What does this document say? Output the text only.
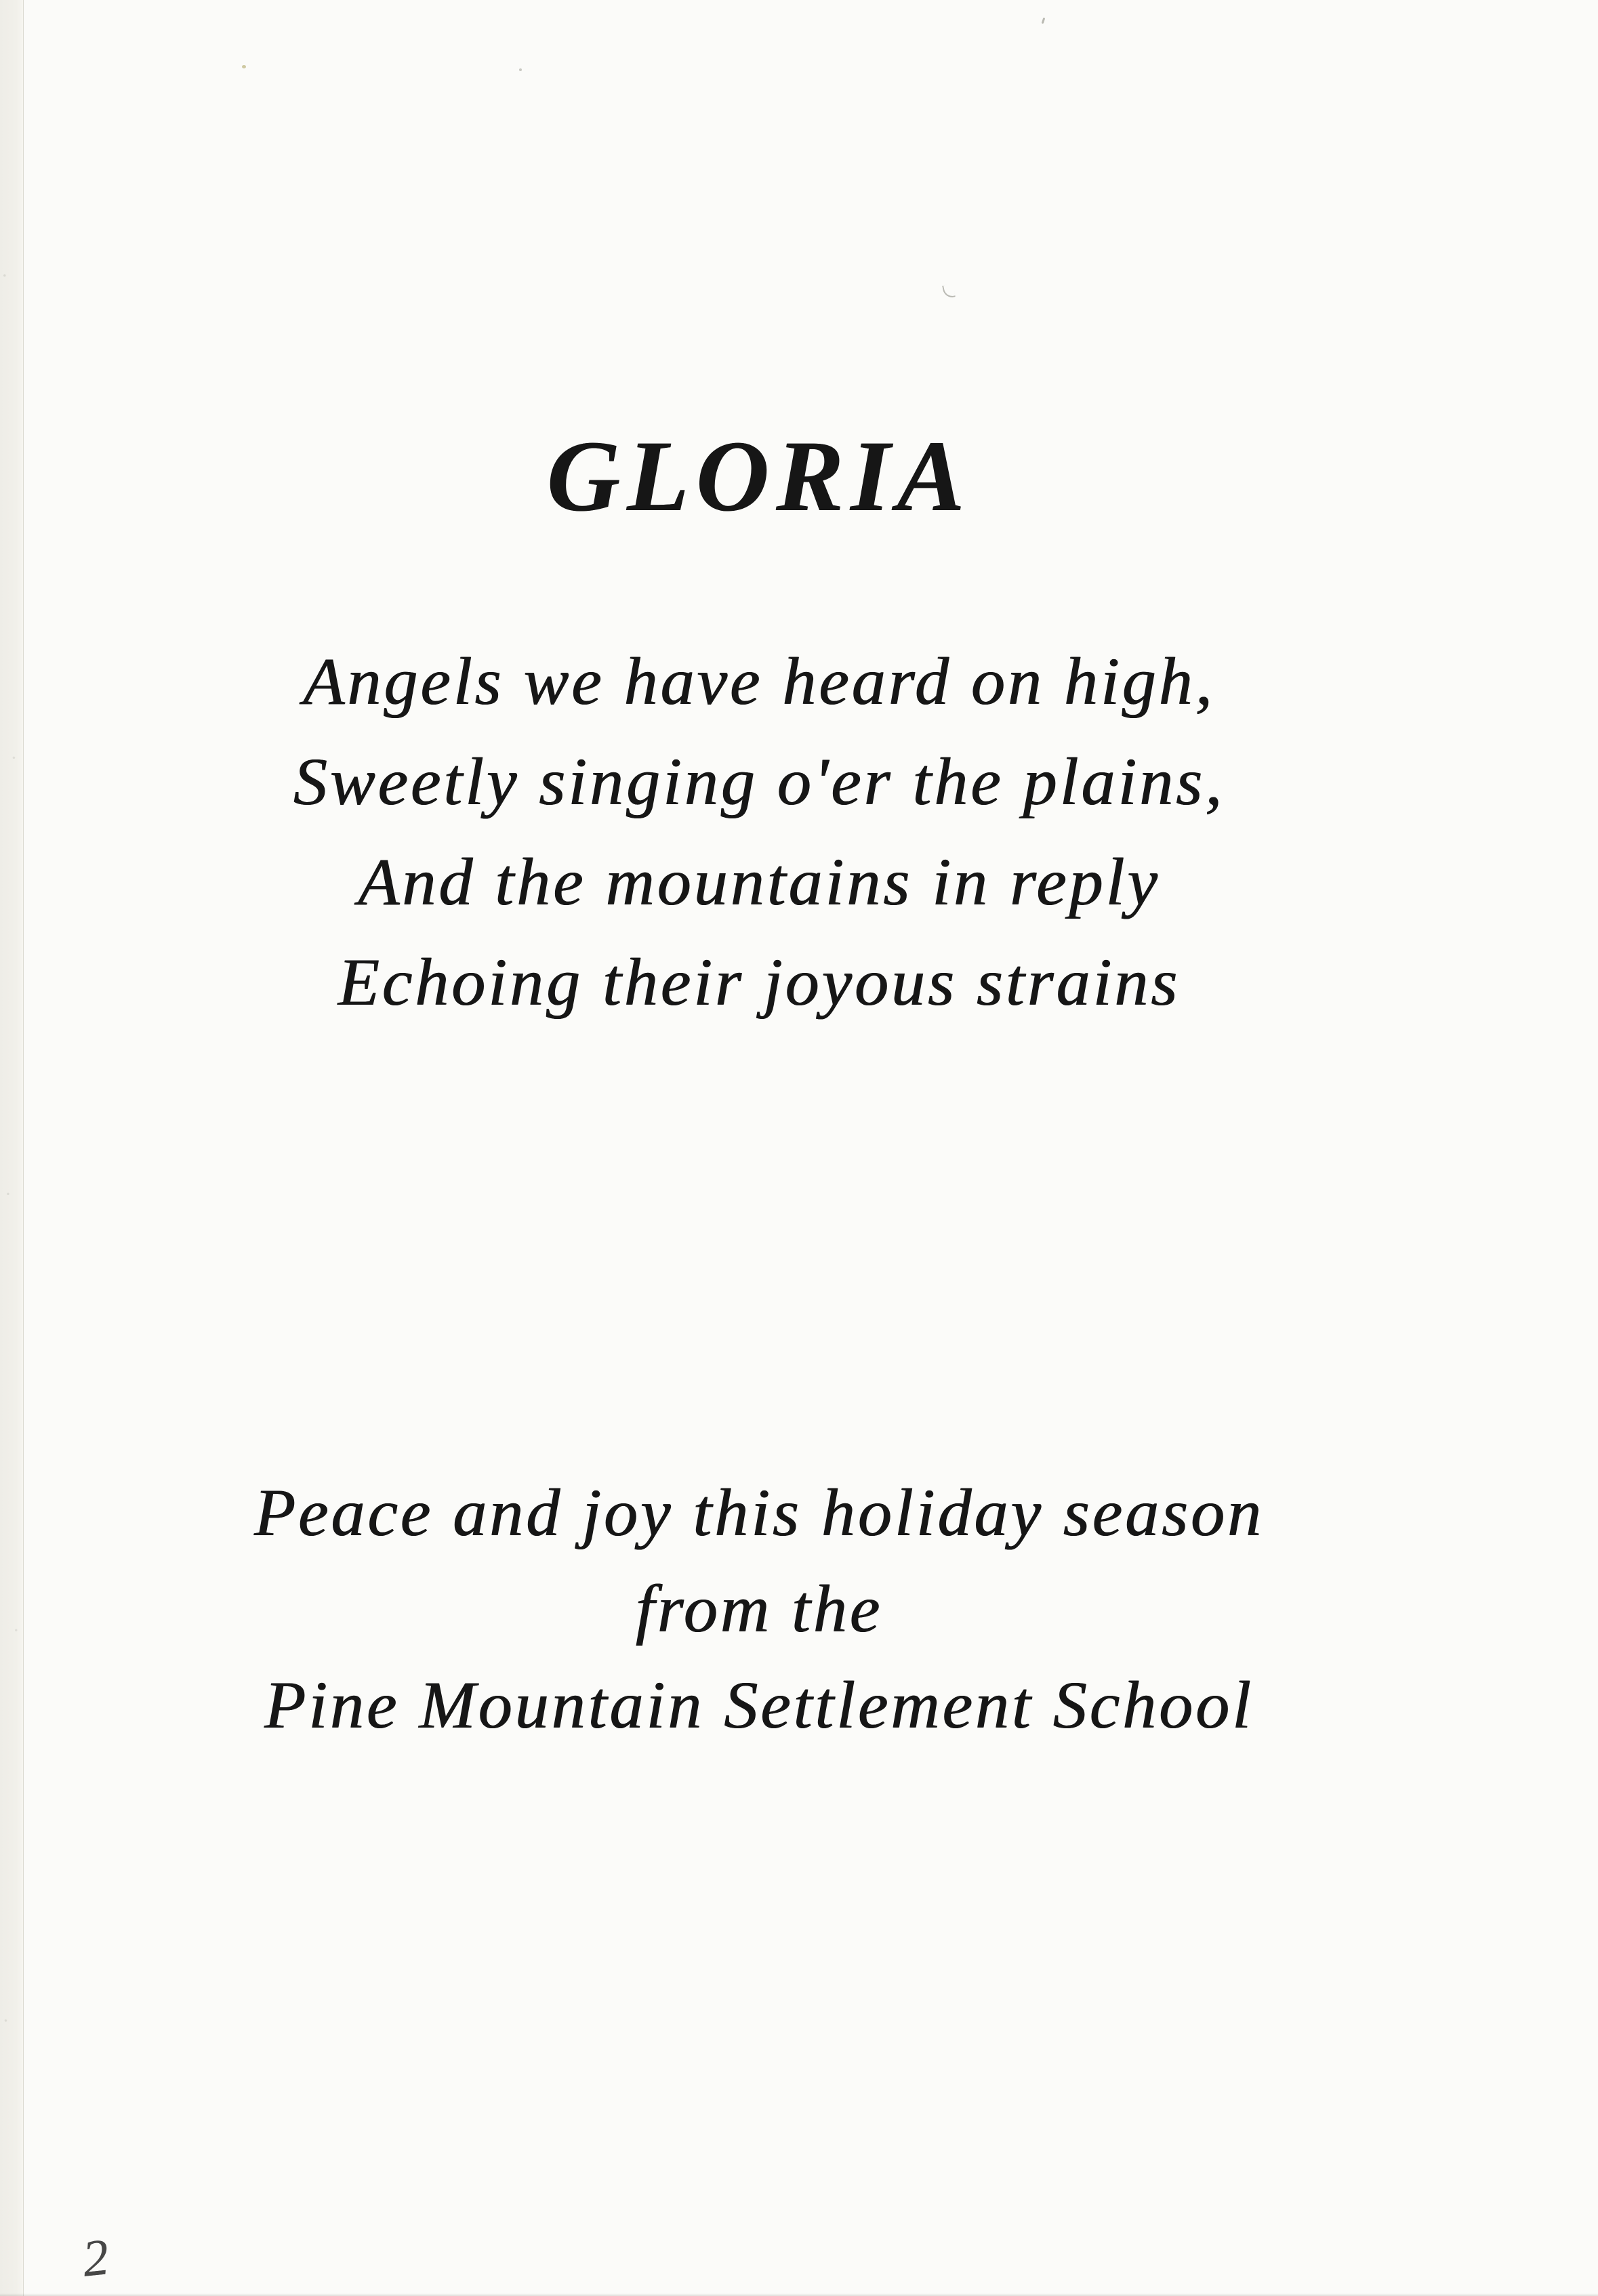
GLORIA
Angels we have heard on high,
Sweetly singing o'er the plains,
And the mountains in reply
Echoing their joyous strains
Peace and joy this holiday season
from the
Pine Mountain Settlement School
2
